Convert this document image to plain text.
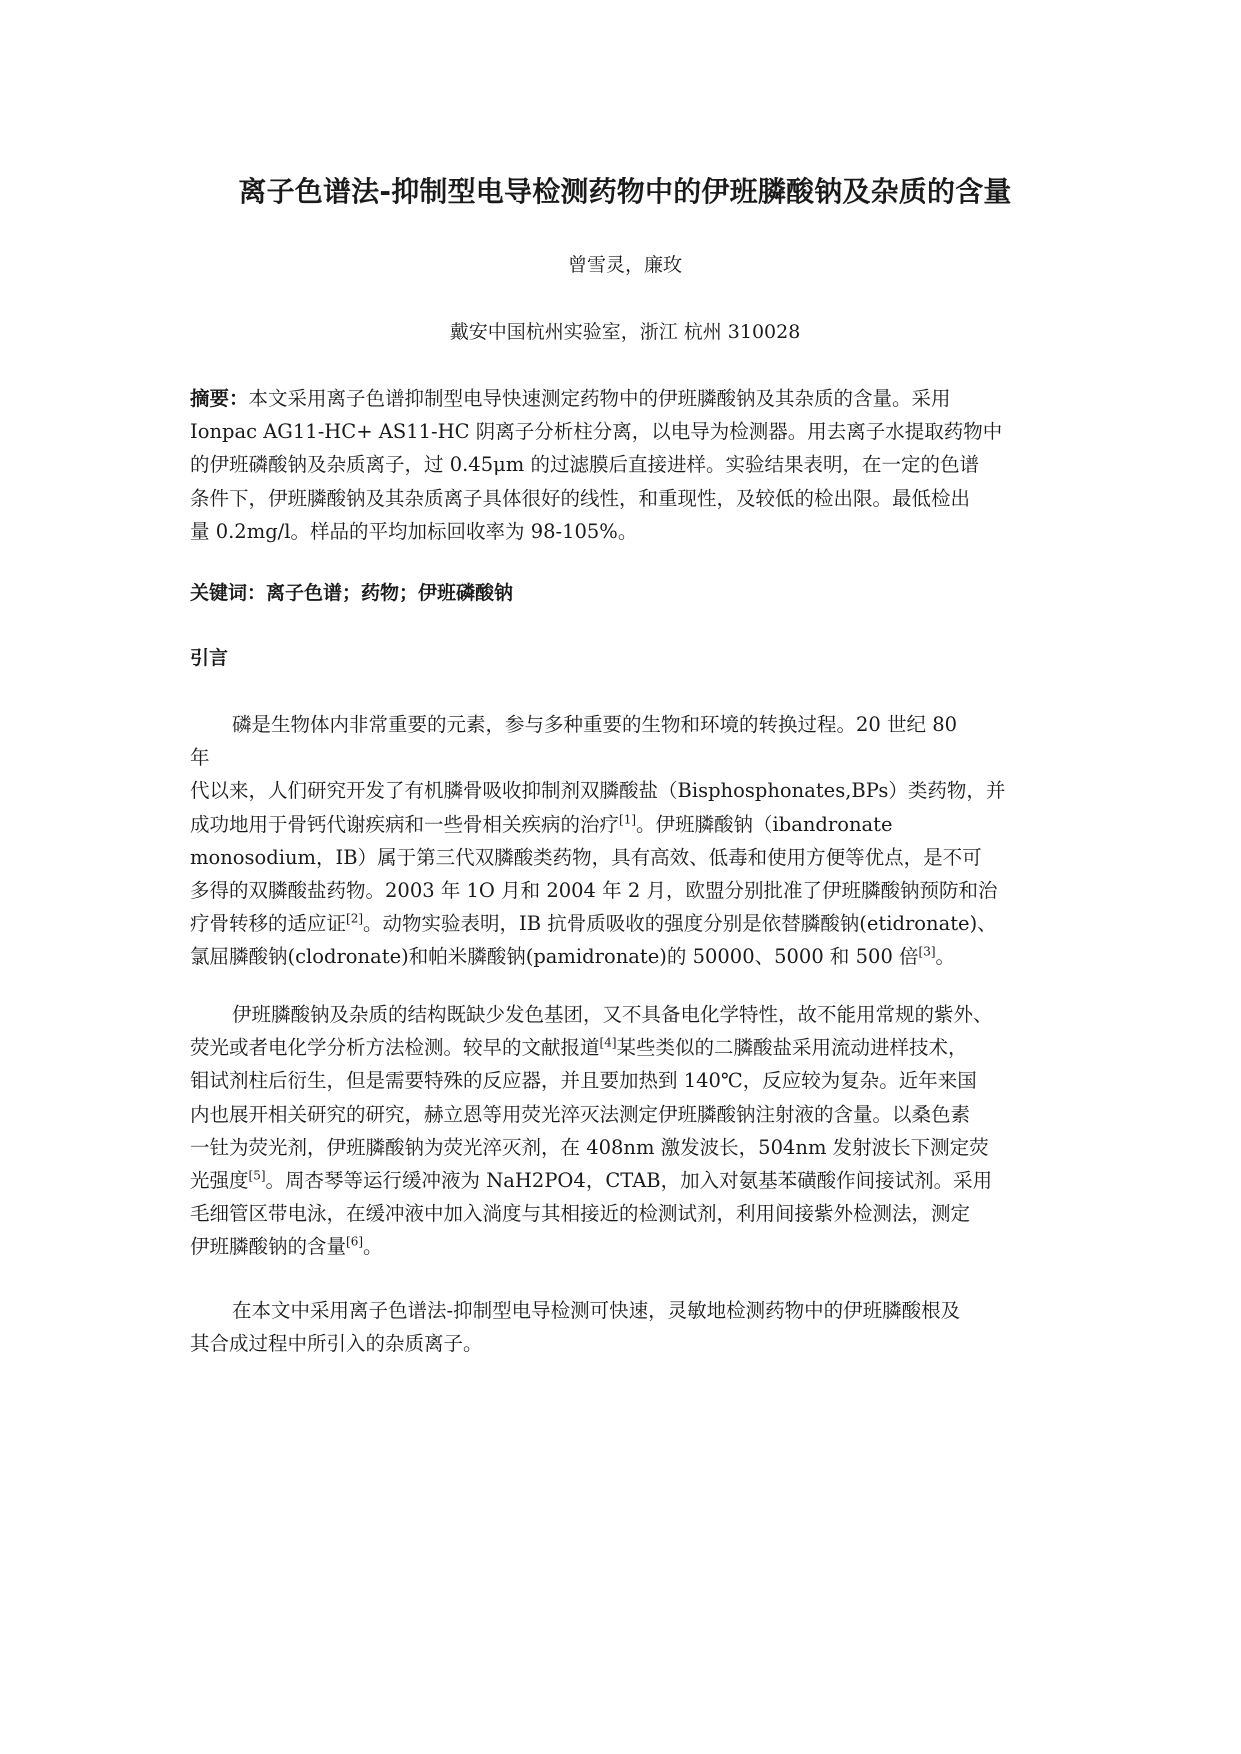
离子色谱法-抑制型电导检测药物中的伊班膦酸钠及杂质的含量
曾雪灵，廉玫
戴安中国杭州实验室，浙江 杭州 310028
摘要：本文采用离子色谱抑制型电导快速测定药物中的伊班膦酸钠及其杂质的含量。采用
Ionpac AG11-HC+ AS11-HC 阴离子分析柱分离，以电导为检测器。用去离子水提取药物中
的伊班磷酸钠及杂质离子，过 0.45μm 的过滤膜后直接进样。实验结果表明，在一定的色谱
条件下，伊班膦酸钠及其杂质离子具体很好的线性，和重现性，及较低的检出限。最低检出
量 0.2mg/l。样品的平均加标回收率为 98-105%。
关键词：离子色谱；药物；伊班磷酸钠
引言
磷是生物体内非常重要的元素，参与多种重要的生物和环境的转换过程。20 世纪 80
年
代以来，人们研究开发了有机膦骨吸收抑制剂双膦酸盐（Bisphosphonates,BPs）类药物，并
成功地用于骨钙代谢疾病和一些骨相关疾病的治疗[1]。伊班膦酸钠（ibandronate
monosodium，IB）属于第三代双膦酸类药物，具有高效、低毒和使用方便等优点，是不可
多得的双膦酸盐药物。2003 年 1O 月和 2004 年 2 月，欧盟分别批准了伊班膦酸钠预防和治
疗骨转移的适应证[2]。动物实验表明，IB 抗骨质吸收的强度分别是依替膦酸钠(etidronate)、
氯屈膦酸钠(clodronate)和帕米膦酸钠(pamidronate)的 50000、5000 和 500 倍[3]。
伊班膦酸钠及杂质的结构既缺少发色基团，又不具备电化学特性，故不能用常规的紫外、
荧光或者电化学分析方法检测。较早的文献报道[4]某些类似的二膦酸盐采用流动进样技术，
钼试剂柱后衍生，但是需要特殊的反应器，并且要加热到 140℃，反应较为复杂。近年来国
内也展开相关研究的研究，赫立恩等用荧光淬灭法测定伊班膦酸钠注射液的含量。以桑色素
一钍为荧光剂，伊班膦酸钠为荧光淬灭剂，在 408nm 激发波长，504nm 发射波长下测定荧
光强度[5]。周杏琴等运行缓冲液为 NaH2PO4，CTAB，加入对氨基苯磺酸作间接试剂。采用
毛细管区带电泳，在缓冲液中加入淌度与其相接近的检测试剂，利用间接紫外检测法，测定
伊班膦酸钠的含量[6]。
在本文中采用离子色谱法-抑制型电导检测可快速，灵敏地检测药物中的伊班膦酸根及
其合成过程中所引入的杂质离子。
